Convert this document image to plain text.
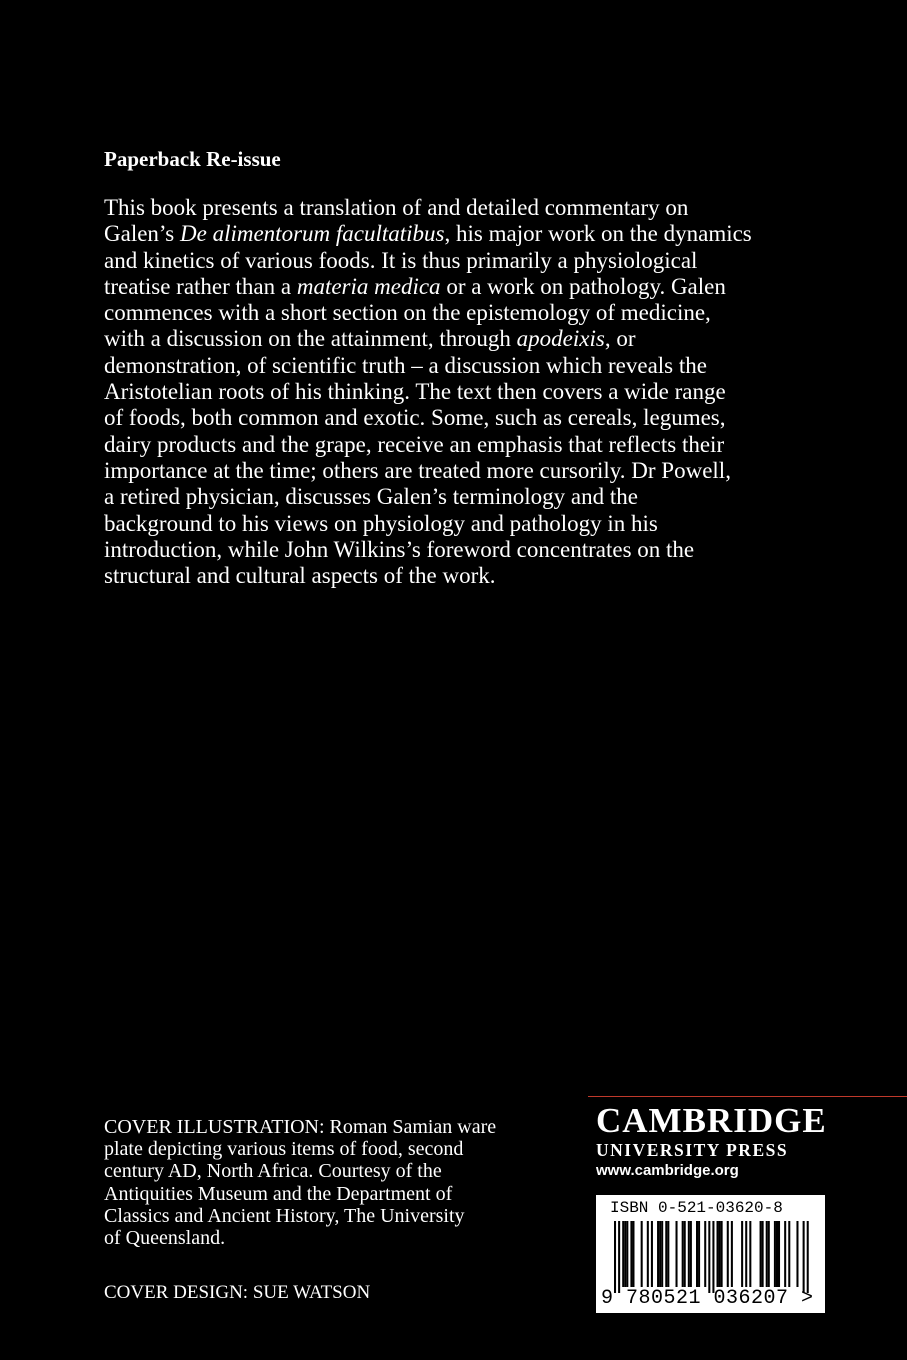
Paperback Re-issue
This book presents a translation of and detailed commentary on
Galen’s De alimentorum facultatibus, his major work on the dynamics
and kinetics of various foods. It is thus primarily a physiological
treatise rather than a materia medica or a work on pathology. Galen
commences with a short section on the epistemology of medicine,
with a discussion on the attainment, through apodeixis, or
demonstration, of scientific truth – a discussion which reveals the
Aristotelian roots of his thinking. The text then covers a wide range
of foods, both common and exotic. Some, such as cereals, legumes,
dairy products and the grape, receive an emphasis that reflects their
importance at the time; others are treated more cursorily. Dr Powell,
a retired physician, discusses Galen’s terminology and the
background to his views on physiology and pathology in his
introduction, while John Wilkins’s foreword concentrates on the
structural and cultural aspects of the work.
COVER ILLUSTRATION: Roman Samian ware
plate depicting various items of food, second
century AD, North Africa. Courtesy of the
Antiquities Museum and the Department of
Classics and Ancient History, The University
of Queensland.
COVER DESIGN: SUE WATSON
CAMBRIDGE
UNIVERSITY PRESS
www.cambridge.org
ISBN 0-521-03620-8
9 780521 036207 >
